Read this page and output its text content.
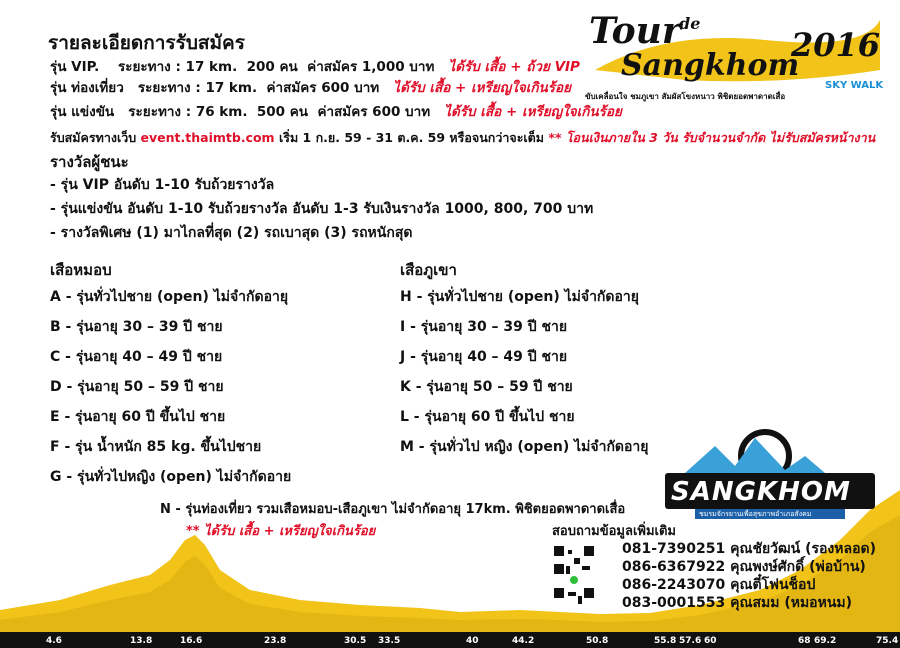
4.6	13.8	16.6	23.8	30.5 33.5	40	44.2	50.8	55.8 57.6 60	68 69.2	75.4
รายละเอียดการรับสมัคร
รุ่น VIP. ระยะทาง : 17 km. 200 คน ค่าสมัคร 1,000 บาท ได้รับ เสื้อ + ถ้วย VIP
รุ่น ท่องเที่ยว ระยะทาง : 17 km. ค่าสมัคร 600 บาท ได้รับ เสื้อ + เหรียญใจเกินร้อย
รุ่น แข่งขัน ระยะทาง : 76 km. 500 คน ค่าสมัคร 600 บาท ได้รับ เสื้อ + เหรียญใจเกินร้อย
รับสมัครทางเว็บ event.thaimtb.com เริ่ม 1 ก.ย. 59 - 31 ต.ค. 59 หรือจนกว่าจะเต็ม ** โอนเงินภายใน 3 วัน รับจำนวนจำกัด ไม่รับสมัครหน้างาน
รางวัลผู้ชนะ
- รุ่น VIP อันดับ 1-10 รับถ้วยรางวัล
- รุ่นแข่งขัน อันดับ 1-10 รับถ้วยรางวัล อันดับ 1-3 รับเงินรางวัล 1000, 800, 700 บาท
- รางวัลพิเศษ (1) มาไกลที่สุด (2) รถเบาสุด (3) รถหนักสุด
เสือหมอบ
A - รุ่นทั่วไปชาย (open) ไม่จำกัดอายุ
B - รุ่นอายุ 30 – 39 ปี ชาย
C - รุ่นอายุ 40 – 49 ปี ชาย
D - รุ่นอายุ 50 – 59 ปี ชาย
E - รุ่นอายุ 60 ปี ขึ้นไป ชาย
F - รุ่น น้ำหนัก 85 kg. ขึ้นไปชาย
G - รุ่นทั่วไปหญิง (open) ไม่จำกัดอาย
เสือภูเขา
H - รุ่นทั่วไปชาย (open) ไม่จำกัดอายุ
I - รุ่นอายุ 30 – 39 ปี ชาย
J - รุ่นอายุ 40 – 49 ปี ชาย
K - รุ่นอายุ 50 – 59 ปี ชาย
L - รุ่นอายุ 60 ปี ขึ้นไป ชาย
M - รุ่นทั่วไป หญิง (open) ไม่จำกัดอายุ
N - รุ่นท่องเที่ยว รวมเสือหมอบ-เสือภูเขา ไม่จำกัดอายุ 17km. พิชิตยอดพาดาดเสื่อ
** ได้รับ เสื้อ + เหรียญใจเกินร้อย
Tour
de
Sangkhom
2016
ขับเคลื่อนใจ ชมภูเขา สัมผัสโขงหนาว พิชิตยอดพาดาดเสื่อ
SKY WALK
SANGKHOM
ชมรมจักรยานเพื่อสุขภาพอำเภอสังคม
สอบถามข้อมูลเพิ่มเติม
081-7390251 คุณชัยวัฒน์ (รองหลอด)
086-6367922 คุณพงษ์ศักดิ์ (พ่อบ้าน)
086-2243070 คุณตี๋โฟนช็อป
083-0001553 คุณสมม (หมอหนม)
